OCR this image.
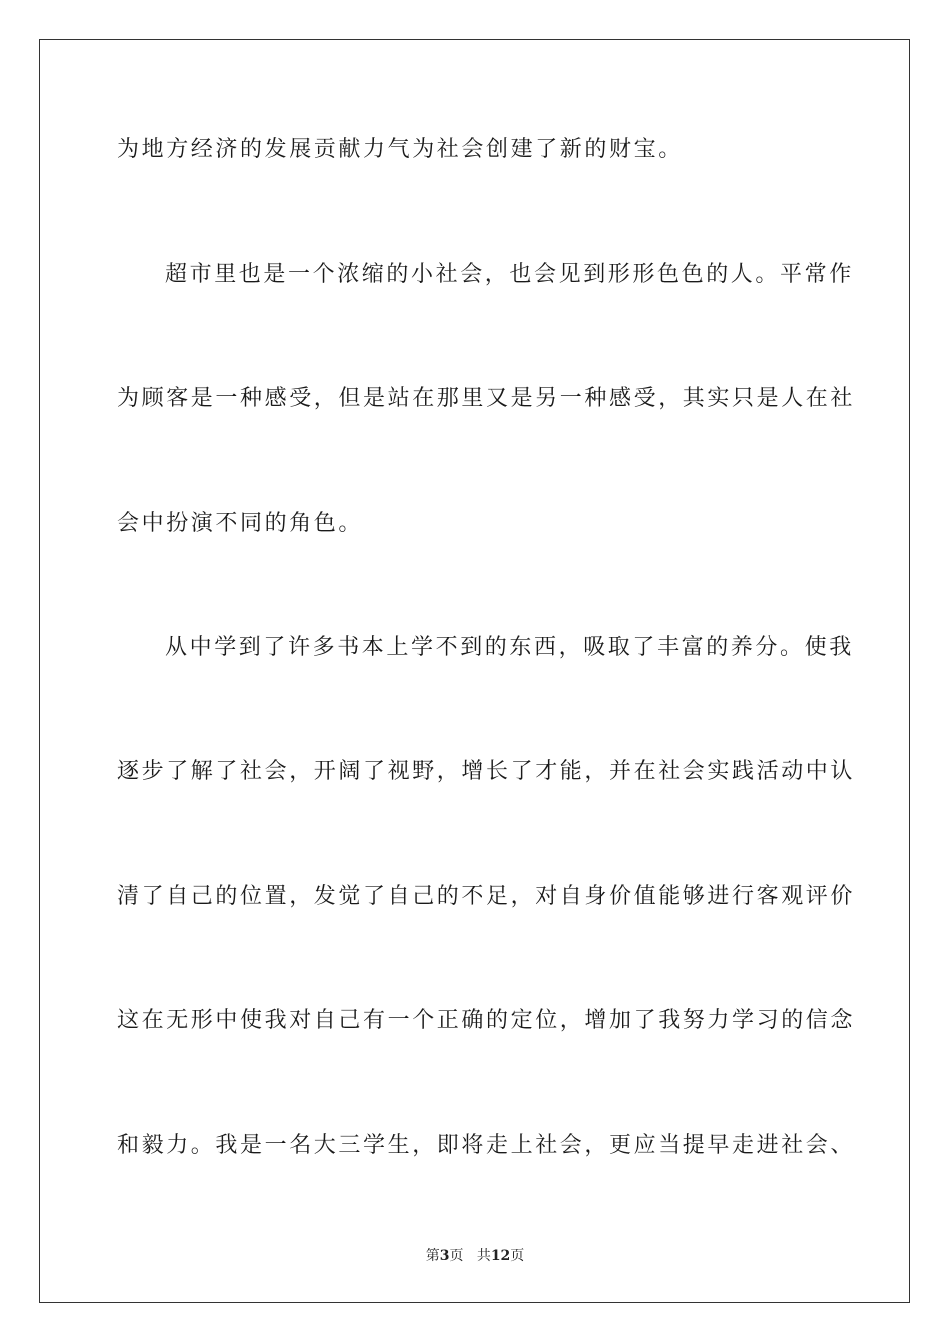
为地方经济的发展贡献力气为社会创建了新的财宝。
超市里也是一个浓缩的小社会，也会见到形形色色的人。平常作
为顾客是一种感受，但是站在那里又是另一种感受，其实只是人在社
会中扮演不同的角色。
从中学到了许多书本上学不到的东西，吸取了丰富的养分。使我
逐步了解了社会，开阔了视野，增长了才能，并在社会实践活动中认
清了自己的位置，发觉了自己的不足，对自身价值能够进行客观评价
这在无形中使我对自己有一个正确的定位，增加了我努力学习的信念
和毅力。我是一名大三学生，即将走上社会，更应当提早走进社会、
第3页 共12页
